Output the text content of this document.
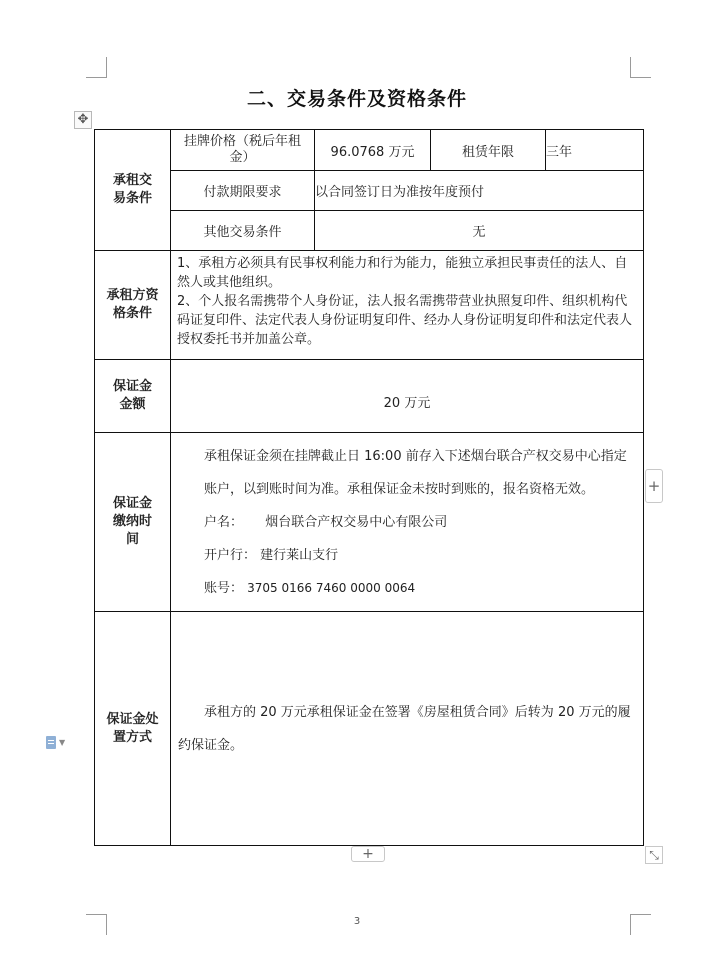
二、交易条件及资格条件
✥
承租交易条件	挂牌价格（税后年租金）	96.0768 万元	租赁年限	三年
	付款期限要求	以合同签订日为准按年度预付		
	其他交易条件	无		

承租方资格条件	1、承租方必须具有民事权利能力和行为能力，能独立承担民事责任的法人、自然人或其他组织。
2、个人报名需携带个人身份证，法人报名需携带营业执照复印件、组织机构代码证复印件、法定代表人身份证明复印件、经办人身份证明复印件和法定代表人授权委托书并加盖公章。			

保证金金额	20 万元			

保证金缴纳时间	承租保证金须在挂牌截止日 16:00 前存入下述烟台联合产权交易中心指定账户，以到账时间为准。承租保证金未按时到账的，报名资格无效。
户名： 烟台联合产权交易中心有限公司
开户行： 建行莱山支行
账号： 3705 0166 7460 0000 0064			

保证金处置方式	承租方的 20 万元承租保证金在签署《房屋租赁合同》后转为 20 万元的履约保证金。			
+
+	⤡
▼
3
